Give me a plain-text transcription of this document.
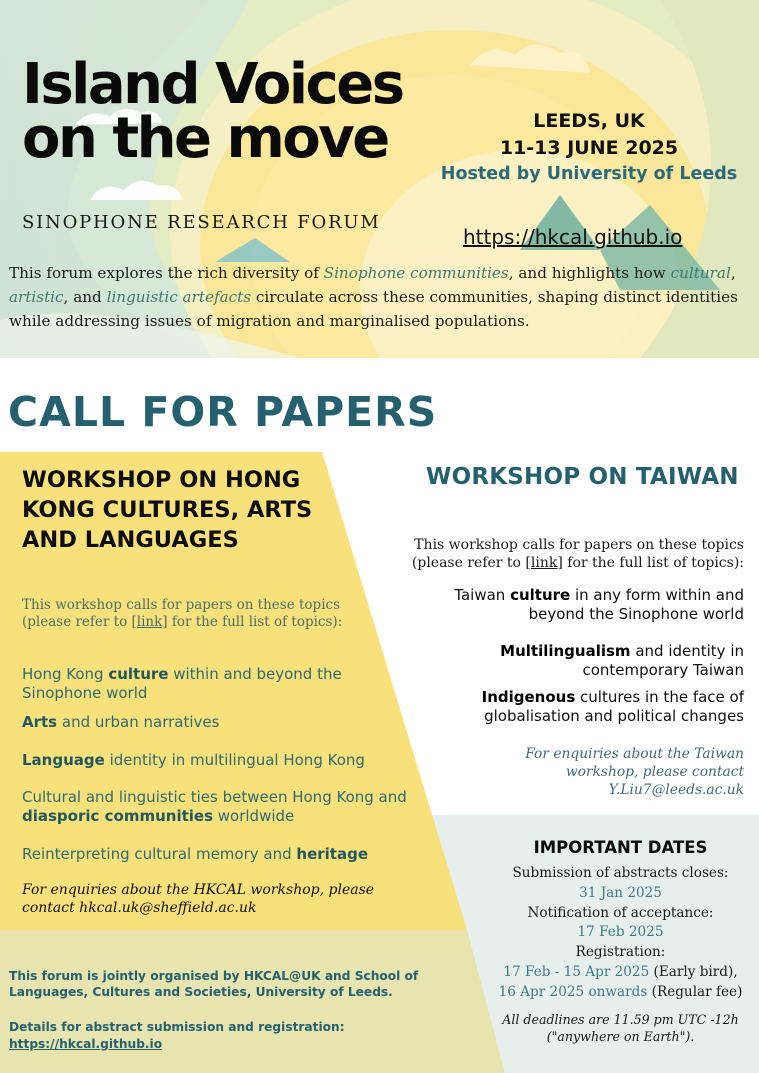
Island Voices
on the move
SINOPHONE RESEARCH FORUM
LEEDS, UK
11-13 JUNE 2025
Hosted by University of Leeds
https://hkcal.github.io

This forum explores the rich diversity of Sinophone communities, and highlights how cultural, artistic, and linguistic artefacts circulate across these communities, shaping distinct identities while addressing issues of migration and marginalised populations.

CALL FOR PAPERS
WORKSHOP ON HONG KONG CULTURES, ARTS AND LANGUAGES

This workshop calls for papers on these topics (please refer to [link] for the full list of topics):

Hong Kong culture within and beyond the Sinophone world
Arts and urban narratives
Language identity in multilingual Hong Kong
Cultural and linguistic ties between Hong Kong and diasporic communities worldwide
Reinterpreting cultural memory and heritage

For enquiries about the HKCAL workshop, please contact hkcal.uk@sheffield.ac.uk

WORKSHOP ON TAIWAN

This workshop calls for papers on these topics (please refer to [link] for the full list of topics):

Taiwan culture in any form within and beyond the Sinophone world
Multilingualism and identity in contemporary Taiwan
Indigenous cultures in the face of globalisation and political changes
For enquiries about the Taiwan
workshop, please contact
Y.Liu7@leeds.ac.uk
IMPORTANT DATES
Submission of abstracts closes:
31 Jan 2025
Notification of acceptance:
17 Feb 2025
Registration:
17 Feb - 15 Apr 2025 (Early bird),
16 Apr 2025 onwards (Regular fee)
All deadlines are 11.59 pm UTC -12h ("anywhere on Earth").

This forum is jointly organised by HKCAL@UK and School of Languages, Cultures and Societies, University of Leeds.

Details for abstract submission and registration:
https://hkcal.github.io
